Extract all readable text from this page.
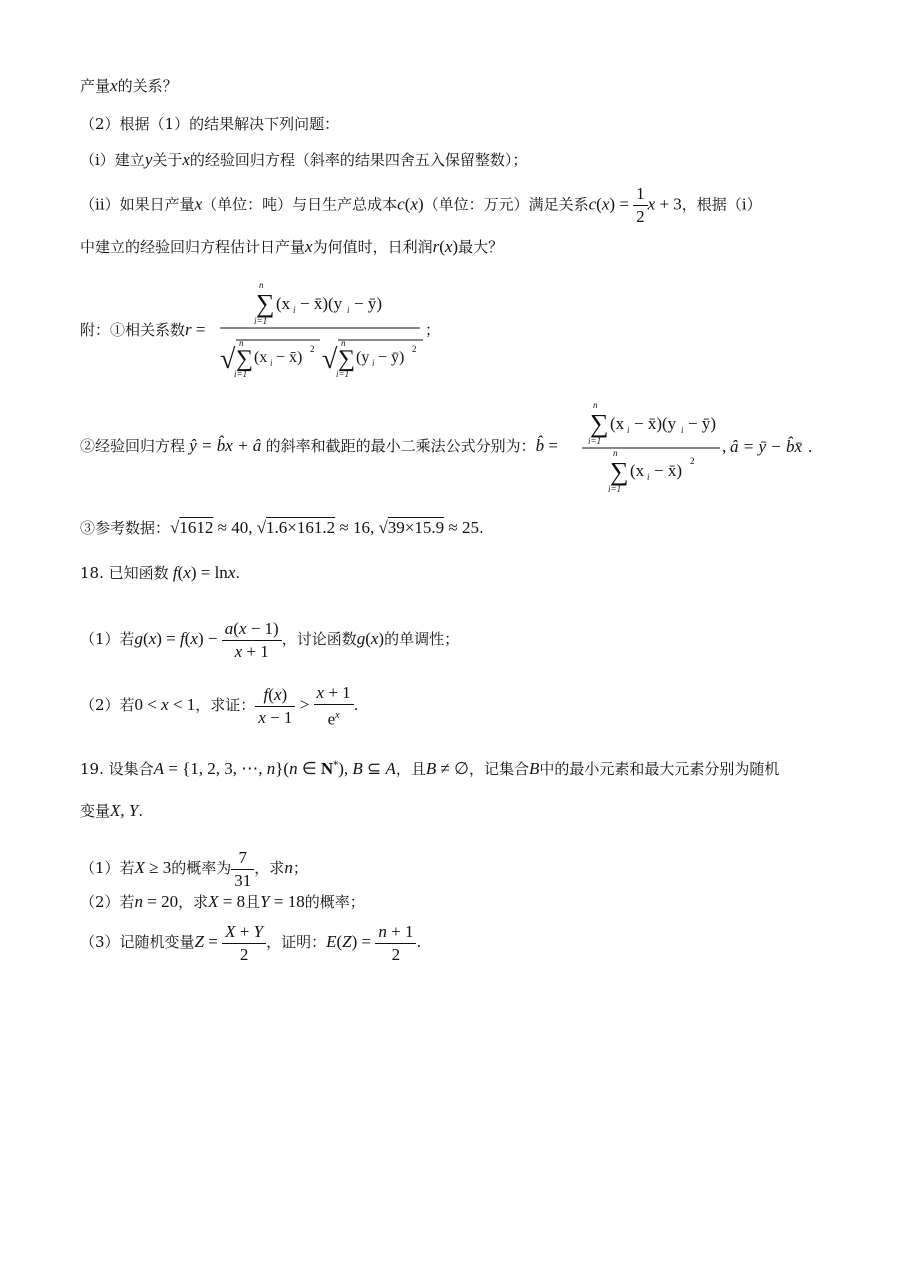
产量x的关系？
（2）根据（1）的结果解决下列问题：
（i）建立y关于x的经验回归方程（斜率的结果四舍五入保留整数）；
（ii）如果日产量x（单位：吨）与日生产总成本c(x)（单位：万元）满足关系$c(x) = \frac{1}{2}$ x + 3，根据（i）
中建立的经验回归方程估计日产量x为何值时，日利润r(x)最大？
附：①相关系数r =
∑
n
i=1
(x i − x̄)(y i − ȳ)
√ ∑
n
i=1
(x i − x̄) 2 √ ∑
n
i=1
(y i − ȳ) 2
；
②经验回归方程 ŷ = b̂x + â 的斜率和截距的最小二乘法公式分别为：b̂ =
∑
n
i=1
(x i − x̄)(y i − ȳ)
∑
n
i=1
(x i − x̄) 2
, â = ȳ − b̂x̄ .
③参考数据：√1612 ≈ 40, √1.6×161.2 ≈ 16, √39×15.9 ≈ 25.
18. 已知函数 f(x) = lnx.
（1）若$g(x) = f(x) - \frac{a(x - 1)}{x + 1}$ ，讨论函数g(x)的单调性；
（2）若0 < x < 1，求证： $\frac{f(x)}{x - 1} > \frac{x + 1}{e^x}$ .
19. 设集合A = {1, 2, 3, ⋯, n}(n ∈ N*), B ⊆ A，且B ≠ ∅，记集合B中的最小元素和最大元素分别为随机
变量X, Y.
（1）若X ≥ 3的概率为 $\frac{7}{31}$ ，求n；
（2）若n = 20，求X = 8且Y = 18的概率；
（3）记随机变量$Z = \frac{X + Y}{2}$ ，证明：$E(Z) = \frac{n + 1}{2}$ .
